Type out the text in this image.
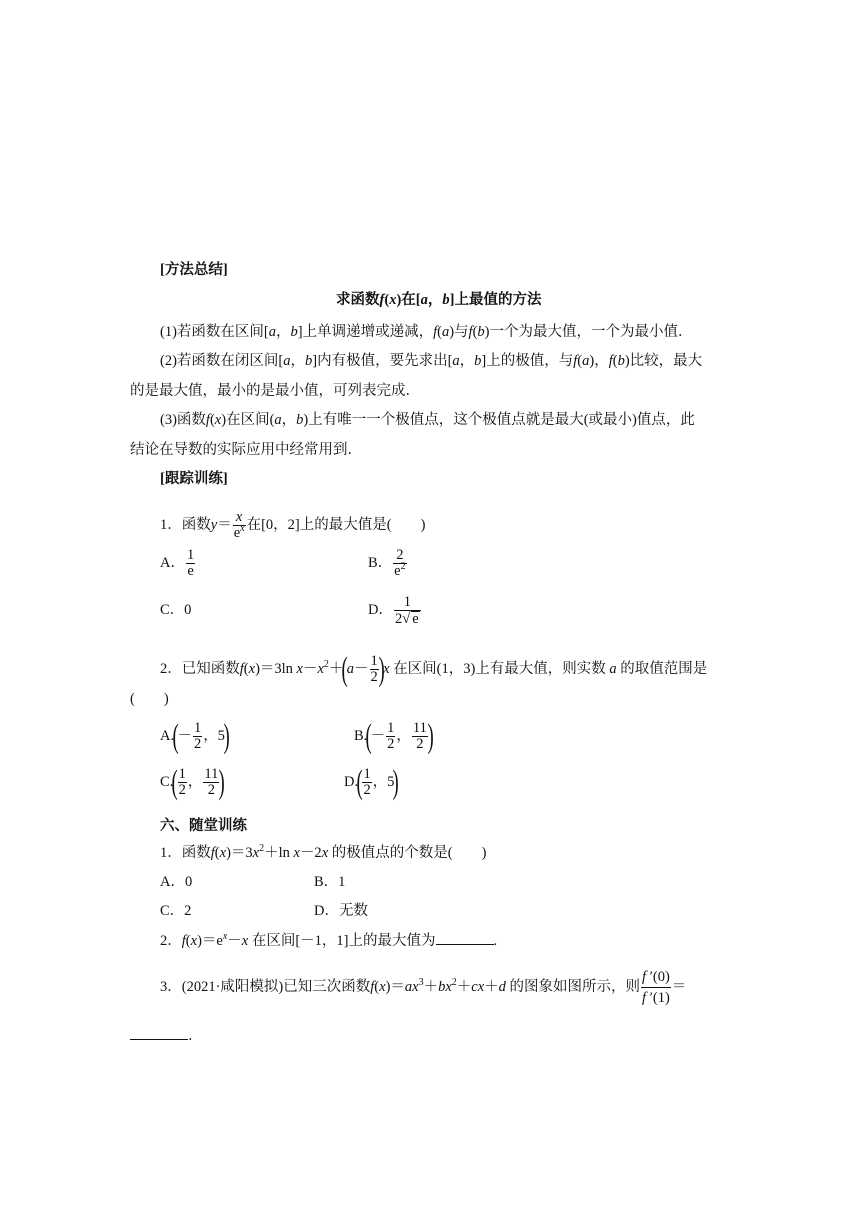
[方法总结]
求函数f(x)在[a，b]上最值的方法
(1)若函数在区间[a，b]上单调递增或递减，f(a)与f(b)一个为最大值，一个为最小值．
(2)若函数在闭区间[a，b]内有极值，要先求出[a，b]上的极值，与f(a)，f(b)比较，最大
的是最大值，最小的是最小值，可列表完成．
(3)函数f(x)在区间(a，b)上有唯一一个极值点，这个极值点就是最大(或最小)值点，此
结论在导数的实际应用中经常用到．
[跟踪训练]
1．函数$y= \frac{x}{e^x}$ 在[0，2]上的最大值是(　　)
A． $\frac{1}{e}$	B． $\frac{2}{e^2}$
C．0	D． $\frac{1}{2√ e}$
2．已知函数f(x)＝3ln $x-x^2+(a- \frac{1}{2} )x$ 在区间(1，3)上有最大值，则实数 a 的取值范围是
(　　)
$A.(- \frac{1}{2}$ ，5)	$B.(- \frac{1}{2}$ ， $\frac{11}{2}$ )
$C.( \frac{1}{2}$ ， $\frac{11}{2}$ )	$D.( \frac{1}{2}$ ，5)
六、随堂训练
1．函数$f(x)=3x^2+\ln$ x－2x 的极值点的个数是(　　)
A．0	B．1
C．2	D．无数
2．$f(x)=e^x-x$ 在区间[－1，1]上的最大值为	.
3．(2021·咸阳模拟)已知三次函数$f(x)=ax^3+bx^2+cx+d$ 的图象如图所示，则 $\frac{f '(0)}{f '(1)}$ ＝
．
